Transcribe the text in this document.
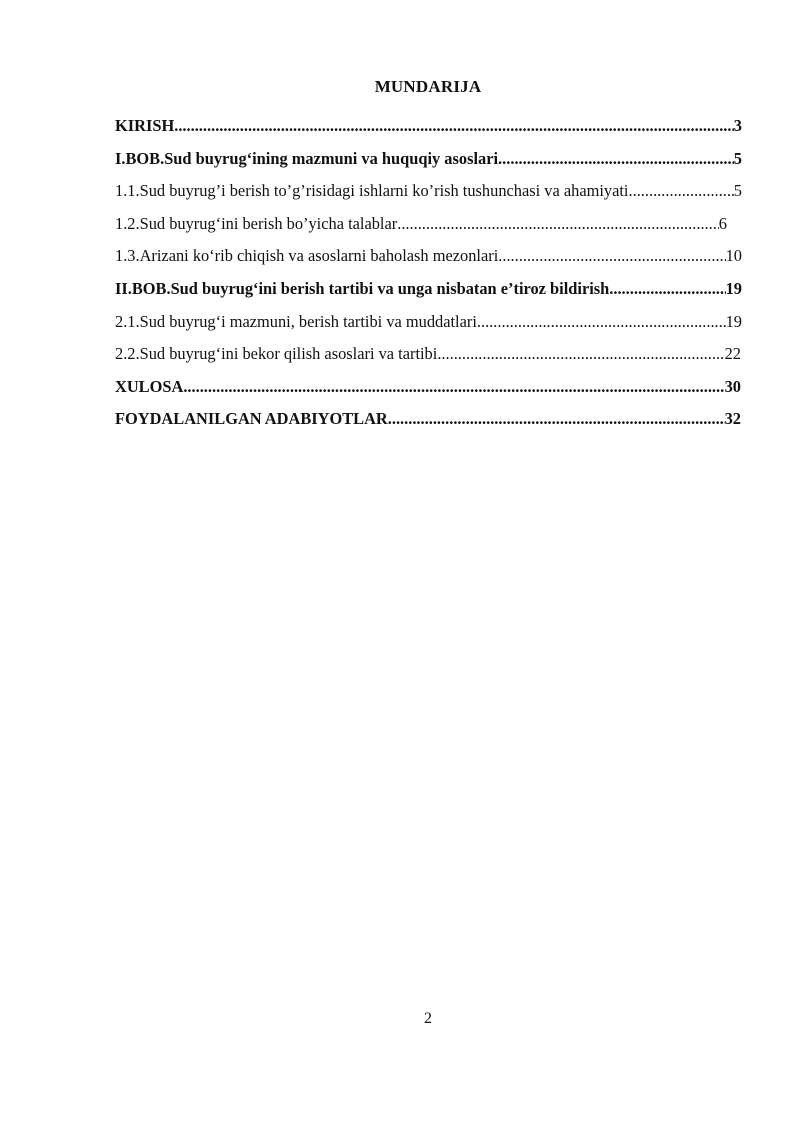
MUNDARIJA
KIRISH .....	3
I.BOB.Sud buyrug‘ining mazmuni va huquqiy asoslari .....	5
1.1.Sud buyrug’i berish to’g’risidagi ishlarni ko’rish tushunchasi va ahamiyati .....	5
1.2.Sud buyrug‘ini berish bo’yicha talablar .....	6
1.3.Arizani ko‘rib chiqish va asoslarni baholash mezonlari .....	10
II.BOB.Sud buyrug‘ini berish tartibi va unga nisbatan e’tiroz bildirish .....	19
2.1.Sud buyrug‘i mazmuni, berish tartibi va muddatlari .....	19
2.2.Sud buyrug‘ini bekor qilish asoslari va tartibi .....	22
XULOSA .....	30
FOYDALANILGAN ADABIYOTLAR .....	32
2
